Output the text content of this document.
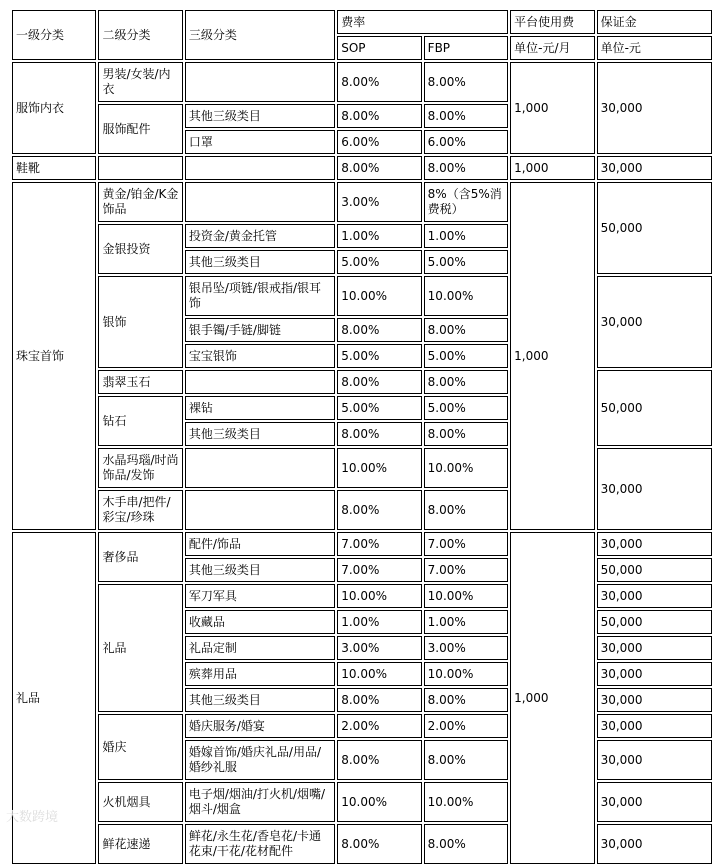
一级分类	二级分类	三级分类	费率		平台使用费	保证金
			SOP	FBP	单位-元/月	单位-元
服饰内衣	男装/女装/内衣		8.00%	8.00%	1,000	30,000
	服饰配件	其他三级类目	8.00%	8.00%		
		口罩	6.00%	6.00%		
鞋靴			8.00%	8.00%	1,000	30,000
珠宝首饰	黄金/铂金/K金饰品		3.00%	8%（含5%消费税）	1,000	50,000
	金银投资	投资金/黄金托管	1.00%	1.00%		
		其他三级类目	5.00%	5.00%		
	银饰	银吊坠/项链/银戒指/银耳饰	10.00%	10.00%		30,000
		银手镯/手链/脚链	8.00%	8.00%		
		宝宝银饰	5.00%	5.00%		
	翡翠玉石		8.00%	8.00%		50,000
	钻石	裸钻	5.00%	5.00%		
		其他三级类目	8.00%	8.00%		
	水晶玛瑙/时尚饰品/发饰		10.00%	10.00%		30,000
	木手串/把件/彩宝/珍珠		8.00%	8.00%		
礼品	奢侈品	配件/饰品	7.00%	7.00%	1,000	30,000
		其他三级类目	7.00%	7.00%		50,000
	礼品	军刀军具	10.00%	10.00%		30,000
		收藏品	1.00%	1.00%		50,000
		礼品定制	3.00%	3.00%		30,000
		殡葬用品	10.00%	10.00%		30,000
		其他三级类目	8.00%	8.00%		30,000
	婚庆	婚庆服务/婚宴	2.00%	2.00%		30,000
		婚嫁首饰/婚庆礼品/用品/婚纱礼服	8.00%	8.00%		30,000
	火机烟具	电子烟/烟油/打火机/烟嘴/烟斗/烟盒	10.00%	10.00%		30,000
	鲜花速递	鲜花/永生花/香皂花/卡通花束/干花/花材配件	8.00%	8.00%		30,000
大数跨境
